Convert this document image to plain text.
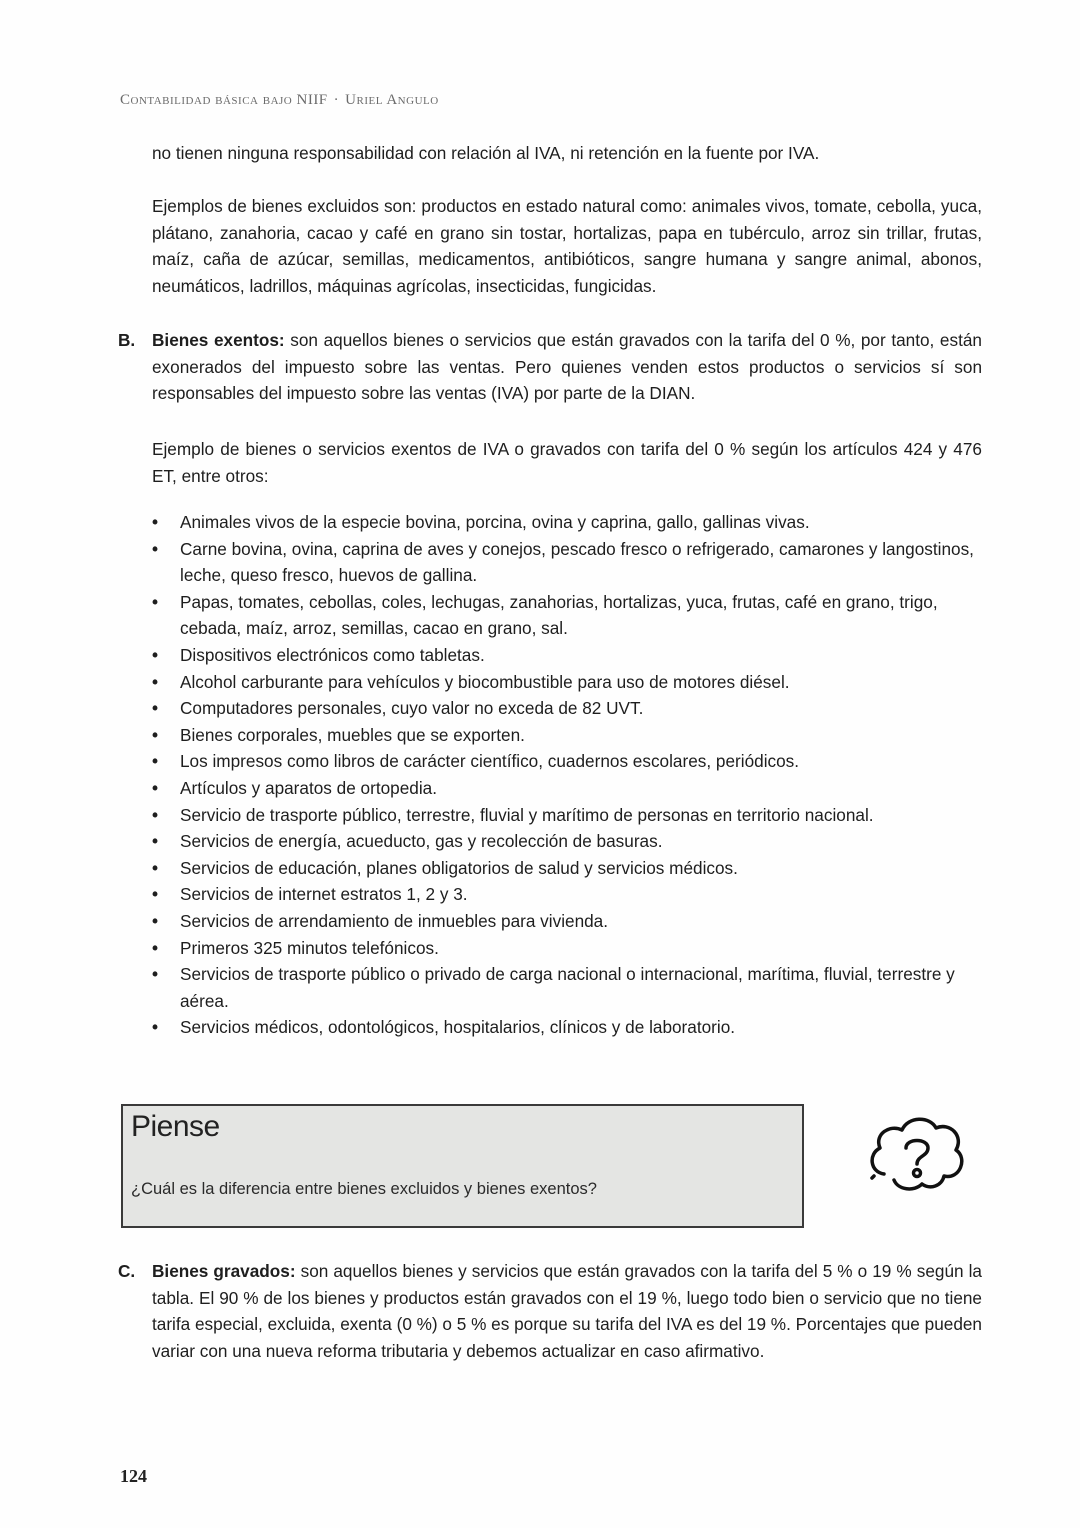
Contabilidad básica bajo NIIF · Uriel Angulo
no tienen ninguna responsabilidad con relación al IVA, ni retención en la fuente por IVA.
Ejemplos de bienes excluidos son: productos en estado natural como: animales vivos, tomate, cebolla, yuca, plátano, zanahoria, cacao y café en grano sin tostar, hortalizas, papa en tubérculo, arroz sin trillar, frutas, maíz, caña de azúcar, semillas, medicamentos, antibióticos, sangre humana y sangre animal, abonos, neumáticos, ladrillos, máquinas agrícolas, insecticidas, fungicidas.
B. Bienes exentos: son aquellos bienes o servicios que están gravados con la tarifa del 0 %, por tanto, están exonerados del impuesto sobre las ventas. Pero quienes venden estos productos o servicios sí son responsables del impuesto sobre las ventas (IVA) por parte de la DIAN.
Ejemplo de bienes o servicios exentos de IVA o gravados con tarifa del 0 % según los artículos 424 y 476 ET, entre otros:
• Animales vivos de la especie bovina, porcina, ovina y caprina, gallo, gallinas vivas.
• Carne bovina, ovina, caprina de aves y conejos, pescado fresco o refrigerado, camarones y langostinos, leche, queso fresco, huevos de gallina.
• Papas, tomates, cebollas, coles, lechugas, zanahorias, hortalizas, yuca, frutas, café en grano, trigo, cebada, maíz, arroz, semillas, cacao en grano, sal.
• Dispositivos electrónicos como tabletas.
• Alcohol carburante para vehículos y biocombustible para uso de motores diésel.
• Computadores personales, cuyo valor no exceda de 82 UVT.
• Bienes corporales, muebles que se exporten.
• Los impresos como libros de carácter científico, cuadernos escolares, periódicos.
• Artículos y aparatos de ortopedia.
• Servicio de trasporte público, terrestre, fluvial y marítimo de personas en territorio nacional.
• Servicios de energía, acueducto, gas y recolección de basuras.
• Servicios de educación, planes obligatorios de salud y servicios médicos.
• Servicios de internet estratos 1, 2 y 3.
• Servicios de arrendamiento de inmuebles para vivienda.
• Primeros 325 minutos telefónicos.
• Servicios de trasporte público o privado de carga nacional o internacional, marítima, fluvial, terrestre y aérea.
• Servicios médicos, odontológicos, hospitalarios, clínicos y de laboratorio.
Piense
¿Cuál es la diferencia entre bienes excluidos y bienes exentos?
C. Bienes gravados: son aquellos bienes y servicios que están gravados con la tarifa del 5 % o 19 % según la tabla. El 90 % de los bienes y productos están gravados con el 19 %, luego todo bien o servicio que no tiene tarifa especial, excluida, exenta (0 %) o 5 % es porque su tarifa del IVA es del 19 %. Porcentajes que pueden variar con una nueva reforma tributaria y debemos actualizar en caso afirmativo.
124
